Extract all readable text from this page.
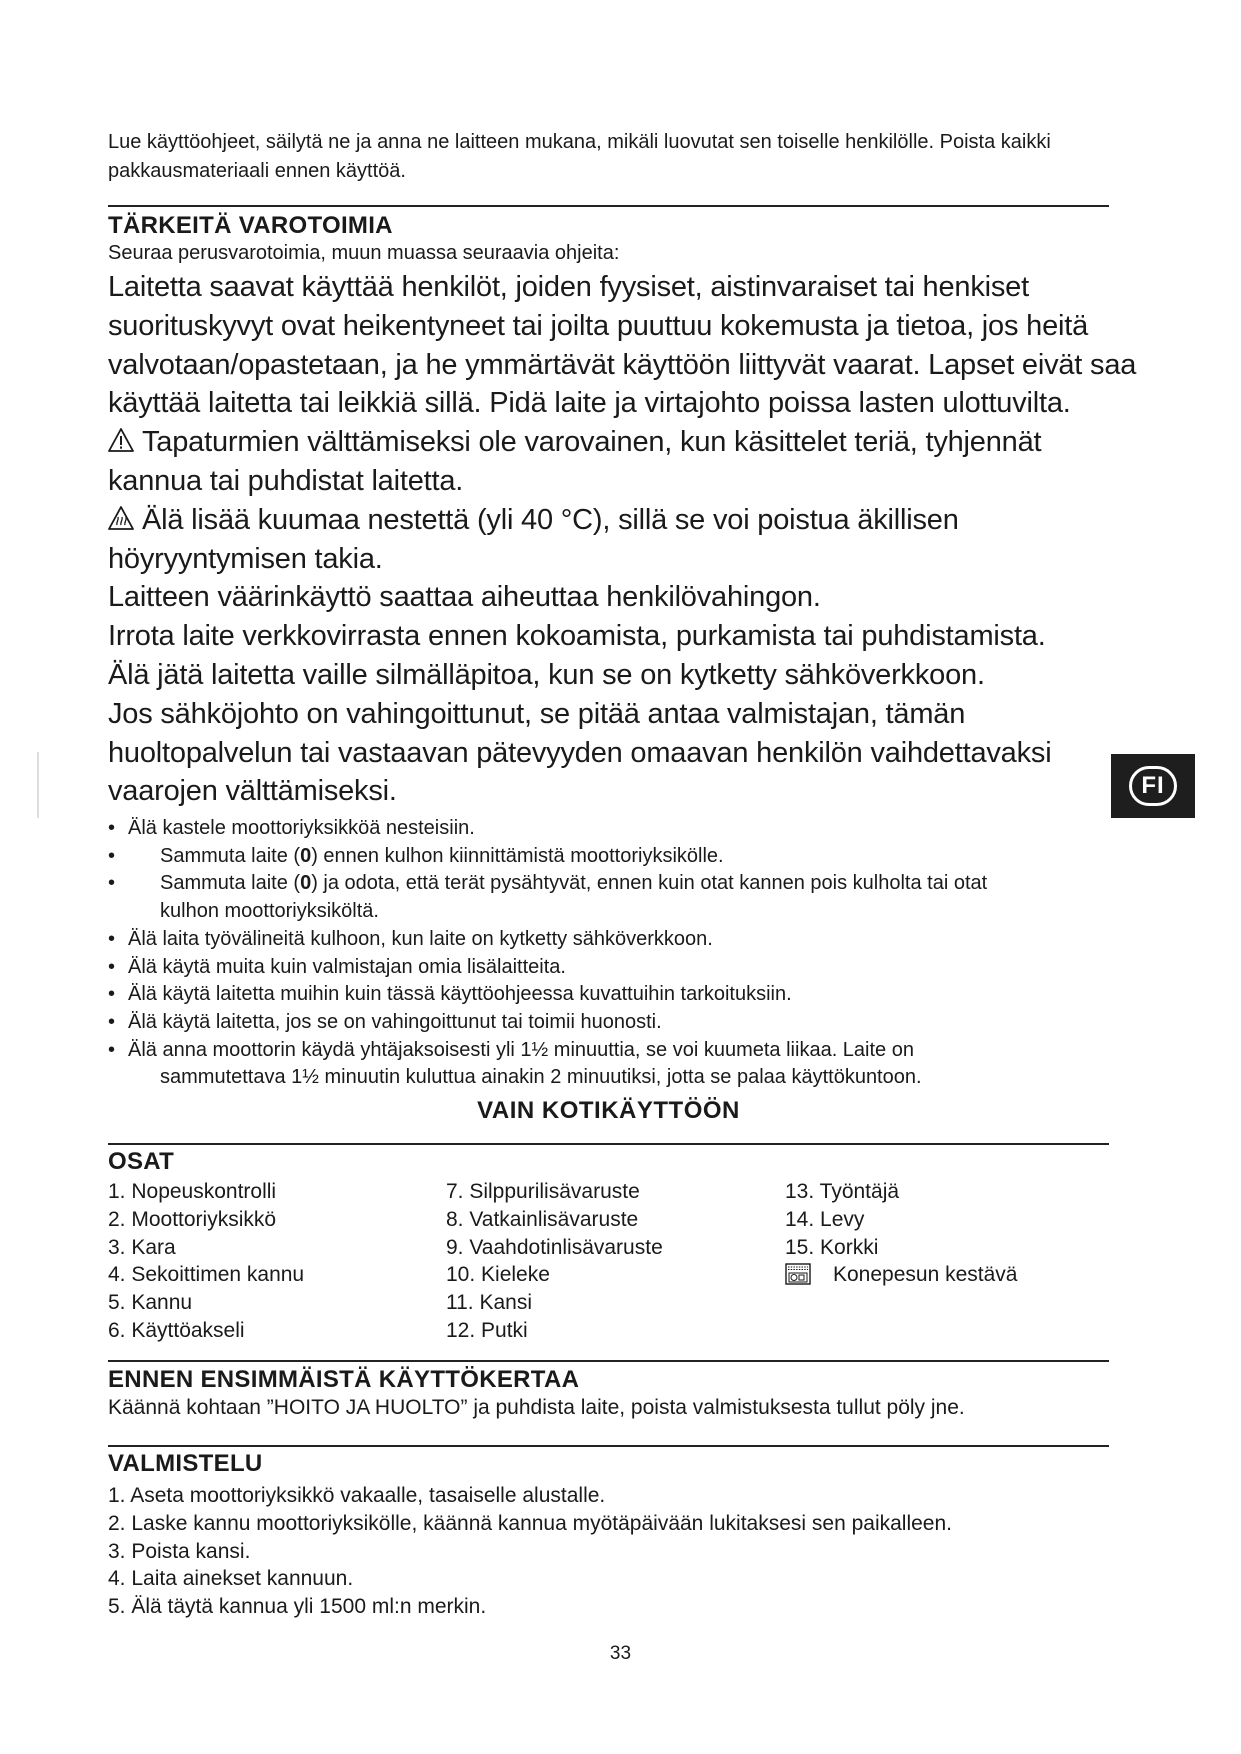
Lue käyttöohjeet, säilytä ne ja anna ne laitteen mukana, mikäli luovutat sen toiselle henkilölle. Poista kaikki pakkausmateriaali ennen käyttöä.
TÄRKEITÄ VAROTOIMIA
Seuraa perusvarotoimia, muun muassa seuraavia ohjeita:

Laitetta saavat käyttää henkilöt, joiden fyysiset, aistinvaraiset tai henkiset suorituskyvyt ovat heikentyneet tai joilta puuttuu kokemusta ja tietoa, jos heitä valvotaan/opastetaan, ja he ymmärtävät käyttöön liittyvät vaarat. Lapset eivät saa käyttää laitetta tai leikkiä sillä. Pidä laite ja virtajohto poissa lasten ulottuvilta.

Tapaturmien välttämiseksi ole varovainen, kun käsittelet teriä, tyhjennät kannua tai puhdistat laitetta.

Älä lisää kuumaa nestettä (yli 40 °C), sillä se voi poistua äkillisen höyryyntymisen takia.

Laitteen väärinkäyttö saattaa aiheuttaa henkilövahingon.

Irrota laite verkkovirrasta ennen kokoamista, purkamista tai puhdistamista.

Älä jätä laitetta vaille silmälläpitoa, kun se on kytketty sähköverkkoon.

Jos sähköjohto on vahingoittunut, se pitää antaa valmistajan, tämän huoltopalvelun tai vastaavan pätevyyden omaavan henkilön vaihdettavaksi vaarojen välttämiseksi.

• Älä kastele moottoriyksikköä nesteisiin.
• Sammuta laite (0) ennen kulhon kiinnittämistä moottoriyksikölle.
• Sammuta laite (0) ja odota, että terät pysähtyvät, ennen kuin otat kannen pois kulholta tai otat
kulhon moottoriyksiköltä.
• Älä laita työvälineitä kulhoon, kun laite on kytketty sähköverkkoon.
• Älä käytä muita kuin valmistajan omia lisälaitteita.
• Älä käytä laitetta muihin kuin tässä käyttöohjeessa kuvattuihin tarkoituksiin.
• Älä käytä laitetta, jos se on vahingoittunut tai toimii huonosti.
• Älä anna moottorin käydä yhtäjaksoisesti yli 1½ minuuttia, se voi kuumeta liikaa. Laite on
sammutettava 1½ minuutin kuluttua ainakin 2 minuutiksi, jotta se palaa käyttökuntoon.
VAIN KOTIKÄYTTÖÖN
OSAT
1. Nopeuskontrolli
2. Moottoriyksikkö
3. Kara
4. Sekoittimen kannu
5. Kannu
6. Käyttöakseli
7. Silppurilisävaruste
8. Vatkainlisävaruste
9. Vaahdotinlisävaruste
10. Kieleke
11. Kansi
12. Putki
13. Työntäjä
14. Levy
15. Korkki
Konepesun kestävä
ENNEN ENSIMMÄISTÄ KÄYTTÖKERTAA
Käännä kohtaan ”HOITO JA HUOLTO” ja puhdista laite, poista valmistuksesta tullut pöly jne.
VALMISTELU
1. Aseta moottoriyksikkö vakaalle, tasaiselle alustalle.
2. Laske kannu moottoriyksikölle, käännä kannua myötäpäivään lukitaksesi sen paikalleen.
3. Poista kansi.
4. Laita ainekset kannuun.
5. Älä täytä kannua yli 1500 ml:n merkin.
33
FI
